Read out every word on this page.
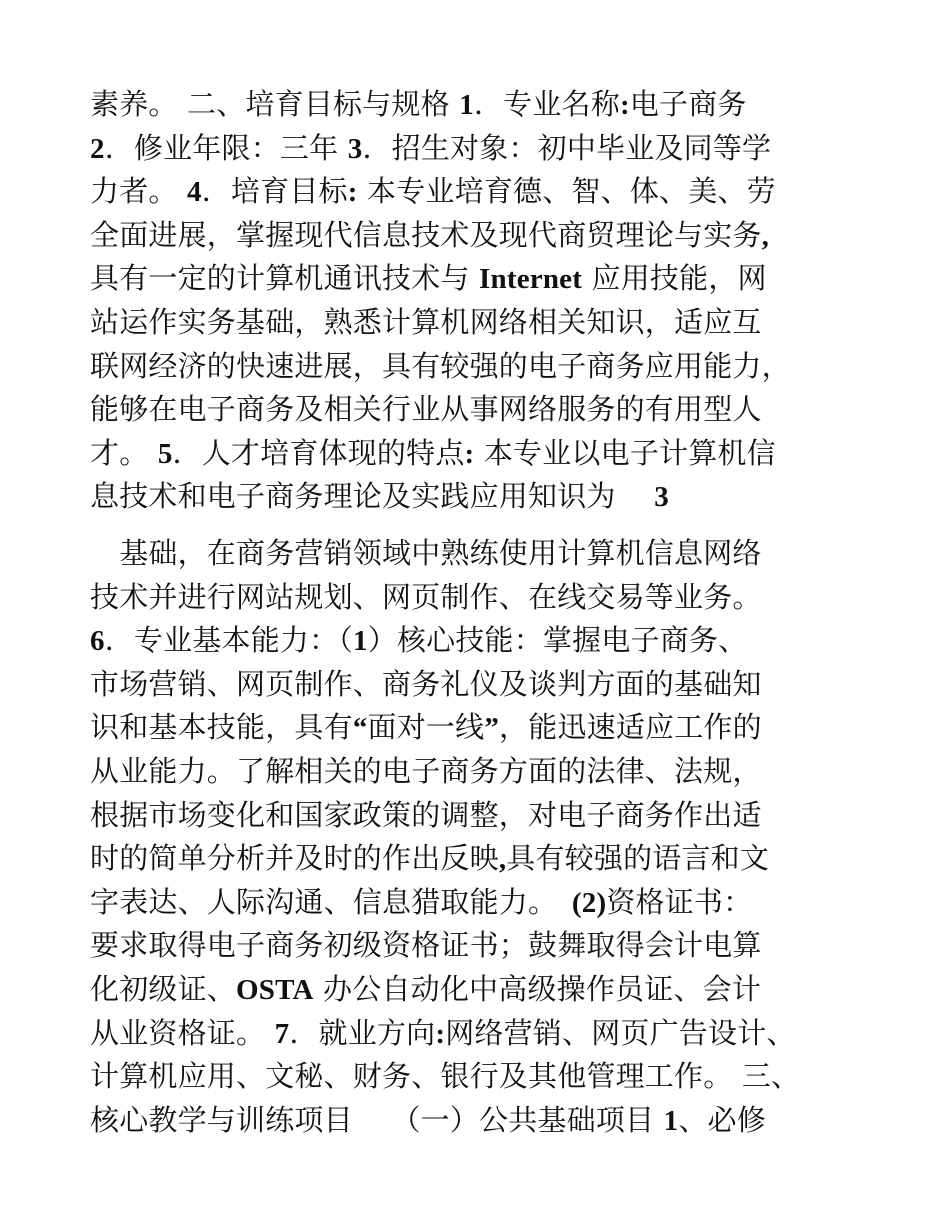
素养。 二、培育目标与规格 1．专业名称:电子商务
2．修业年限：三年 3．招生对象：初中毕业及同等学
力者。 4．培育目标: 本专业培育德、智、体、美、劳
全面进展，掌握现代信息技术及现代商贸理论与实务,
具有一定的计算机通讯技术与 Internet 应用技能，网
站运作实务基础，熟悉计算机网络相关知识，适应互
联网经济的快速进展，具有较强的电子商务应用能力，
能够在电子商务及相关行业从事网络服务的有用型人
才。 5．人才培育体现的特点: 本专业以电子计算机信
息技术和电子商务理论及实践应用知识为　 3
　基础，在商务营销领域中熟练使用计算机信息网络
技术并进行网站规划、网页制作、在线交易等业务。
6．专业基本能力：（1）核心技能：掌握电子商务、
市场营销、网页制作、商务礼仪及谈判方面的基础知
识和基本技能，具有“面对一线”，能迅速适应工作的
从业能力。了解相关的电子商务方面的法律、法规，
根据市场变化和国家政策的调整，对电子商务作出适
时的简单分析并及时的作出反映,具有较强的语言和文
字表达、人际沟通、信息猎取能力。　(2)资格证书：
要求取得电子商务初级资格证书；鼓舞取得会计电算
化初级证、OSTA 办公自动化中高级操作员证、会计
从业资格证。 7．就业方向:网络营销、网页广告设计、
计算机应用、文秘、财务、银行及其他管理工作。 三、
核心教学与训练项目　 （一）公共基础项目 1、必修
